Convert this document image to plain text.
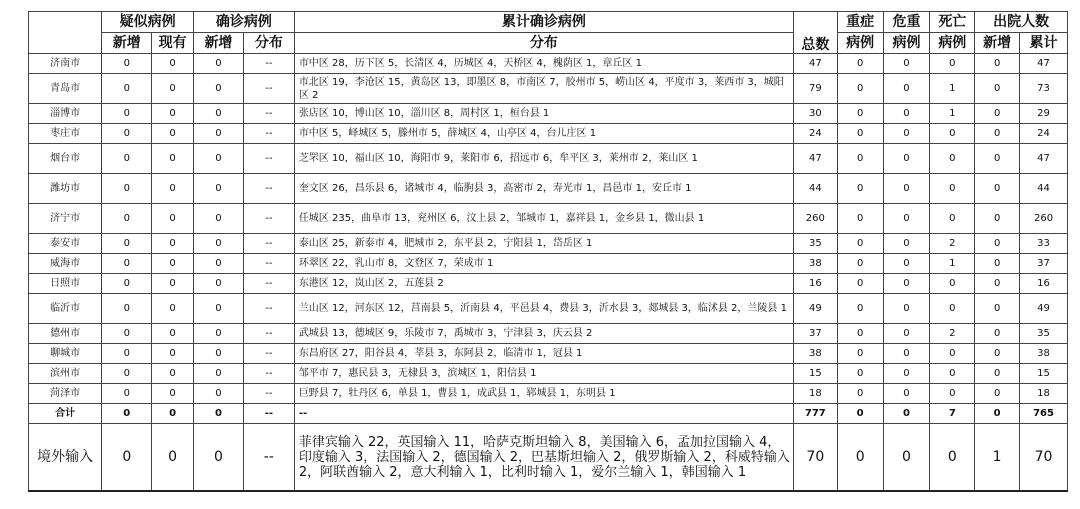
	疑似病例		确诊病例		累计确诊病例	总数	重症	危重	死亡	出院人数	
	新增	现有	新增	分布	分布		病例	病例	病例	新增	累计
济南市	0	0	0	--	市中区 28，历下区 5，长清区 4，历城区 4，天桥区 4，槐荫区 1，章丘区 1	47	0	0	0	0	47
青岛市	0	0	0	--	市北区 19，李沧区 15，黄岛区 13，即墨区 8，市南区 7，胶州市 5，崂山区 4，平度市 3，莱西市 3，城阳区 2	79	0	0	1	0	73
淄博市	0	0	0	--	张店区 10，博山区 10，淄川区 8，周村区 1，桓台县 1	30	0	0	1	0	29
枣庄市	0	0	0	--	市中区 5，峄城区 5，滕州市 5，薛城区 4，山亭区 4，台儿庄区 1	24	0	0	0	0	24
烟台市	0	0	0	--	芝罘区 10，福山区 10，海阳市 9，莱阳市 6，招远市 6，牟平区 3，莱州市 2，莱山区 1	47	0	0	0	0	47
潍坊市	0	0	0	--	奎文区 26，昌乐县 6，诸城市 4，临朐县 3，高密市 2，寿光市 1，昌邑市 1，安丘市 1	44	0	0	0	0	44
济宁市	0	0	0	--	任城区 235，曲阜市 13，兖州区 6，汶上县 2，邹城市 1，嘉祥县 1，金乡县 1，微山县 1	260	0	0	0	0	260
泰安市	0	0	0	--	泰山区 25，新泰市 4，肥城市 2，东平县 2，宁阳县 1，岱岳区 1	35	0	0	2	0	33
威海市	0	0	0	--	环翠区 22，乳山市 8，文登区 7，荣成市 1	38	0	0	1	0	37
日照市	0	0	0	--	东港区 12，岚山区 2，五莲县 2	16	0	0	0	0	16
临沂市	0	0	0	--	兰山区 12，河东区 12，莒南县 5，沂南县 4，平邑县 4，费县 3，沂水县 3，郯城县 3，临沭县 2，兰陵县 1	49	0	0	0	0	49
德州市	0	0	0	--	武城县 13，德城区 9，乐陵市 7，禹城市 3，宁津县 3，庆云县 2	37	0	0	2	0	35
聊城市	0	0	0	--	东昌府区 27，阳谷县 4，莘县 3，东阿县 2，临清市 1，冠县 1	38	0	0	0	0	38
滨州市	0	0	0	--	邹平市 7，惠民县 3，无棣县 3，滨城区 1，阳信县 1	15	0	0	0	0	15
菏泽市	0	0	0	--	巨野县 7，牡丹区 6，单县 1，曹县 1，成武县 1，郓城县 1，东明县 1	18	0	0	0	0	18
合计	0	0	0	--	--	777	0	0	7	0	765
境外输入	0	0	0	--	菲律宾输入 22，英国输入 11，哈萨克斯坦输入 8，美国输入 6，孟加拉国输入 4，印度输入 3，法国输入 2，德国输入 2，巴基斯坦输入 2，俄罗斯输入 2，科威特输入 2，阿联酋输入 2，意大利输入 1，比利时输入 1，爱尔兰输入 1，韩国输入 1	70	0	0	0	1	70
